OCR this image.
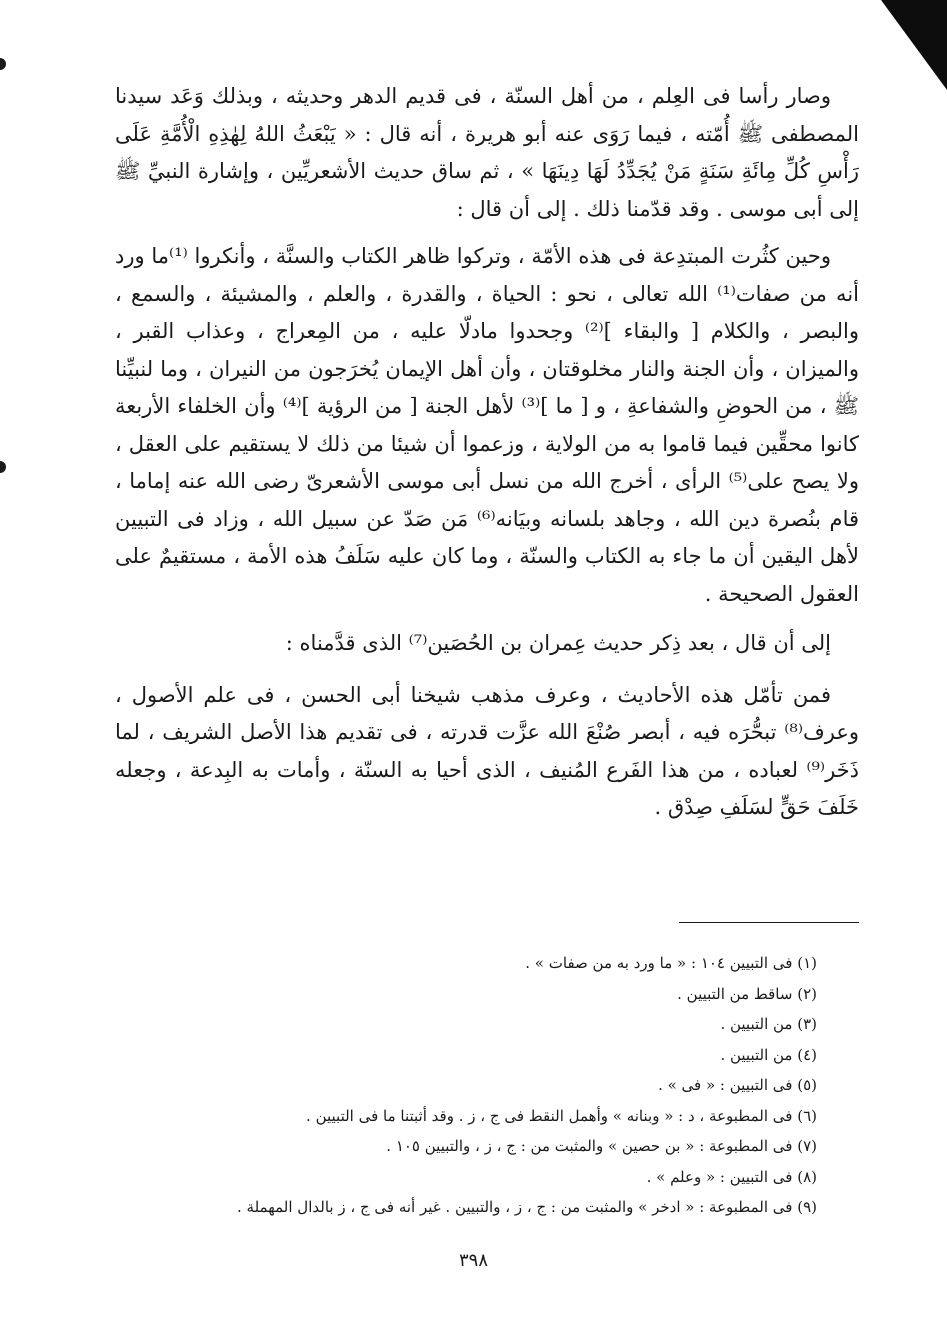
وصار رأسا فى العِلم ، من أهل السنّة ، فى قديم الدهر وحديثه ، وبذلك وَعَد سيدنا المصطفى ﷺ أُمّته ، فيما رَوَى عنه أبو هريرة ، أنه قال : « يَبْعَثُ اللهُ لِهٰذِهِ الْأُمَّةِ عَلَى رَأْسِ كُلِّ مِائَةِ سَنَةٍ مَنْ يُجَدِّدُ لَهَا دِينَهَا » ، ثم ساق حديث الأشعريِّين ، وإشارة النبيِّ ﷺ إلى أبى موسى . وقد قدّمنا ذلك . إلى أن قال :

وحين كثُرت المبتدِعة فى هذه الأمّة ، وتركوا ظاهر الكتاب والسنَّة ، وأنكروا ⁽¹⁾ما ورد أنه من صفات⁽¹⁾ الله تعالى ، نحو : الحياة ، والقدرة ، والعلم ، والمشيئة ، والسمع ، والبصر ، والكلام [ والبقاء ]⁽²⁾ وجحدوا مادلّا عليه ، من المِعراج ، وعذاب القبر ، والميزان ، وأن الجنة والنار مخلوقتان ، وأن أهل الإيمان يُخرَجون من النيران ، وما لنبيِّنا ﷺ ، من الحوضِ والشفاعةِ ، و [ ما ]⁽³⁾ لأهل الجنة [ من الرؤية ]⁽⁴⁾ وأن الخلفاء الأربعة كانوا محقِّين فيما قاموا به من الولاية ، وزعموا أن شيئا من ذلك لا يستقيم على العقل ، ولا يصح على⁽⁵⁾ الرأى ، أخرج الله من نسل أبى موسى الأشعرىّ رضى الله عنه إماما ، قام بنُصرة دين الله ، وجاهد بلسانه وبيَانه⁽⁶⁾ مَن صَدّ عن سبيل الله ، وزاد فى التبيين لأهل اليقين أن ما جاء به الكتاب والسنّة ، وما كان عليه سَلَفُ هذه الأمة ، مستقيمٌ على العقول الصحيحة .

إلى أن قال ، بعد ذِكر حديث عِمران بن الحُصَين⁽⁷⁾ الذى قدَّمناه :

فمن تأمّل هذه الأحاديث ، وعرف مذهب شيخنا أبى الحسن ، فى علم الأصول ، وعرف⁽⁸⁾ تبحُّرَه فيه ، أبصر صُنْعَ الله عزَّت قدرته ، فى تقديم هذا الأصل الشريف ، لما ذَخَر⁽⁹⁾ لعباده ، من هذا الفَرع المُنيف ، الذى أحيا به السنّة ، وأمات به البِدعة ، وجعله خَلَفَ حَقٍّ لسَلَفِ صِدْق .

(١) فى التبيين ١٠٤ : « ما ورد به من صفات » .
(٢) ساقط من التبيين .
(٣) من التبيين .
(٤) من التبيين .
(٥) فى التبيين : « فى » .
(٦) فى المطبوعة ، د : « وبنانه » وأهمل النقط فى ج ، ز . وقد أثبتنا ما فى التبيين .
(٧) فى المطبوعة : « بن حصين » والمثبت من : ج ، ز ، والتبيين ١٠٥ .
(٨) فى التبيين : « وعلم » .
(٩) فى المطبوعة : « ادخر » والمثبت من : ج ، ز ، والتبيين . غير أنه فى ج ، ز بالدال المهملة .
٣٩٨
